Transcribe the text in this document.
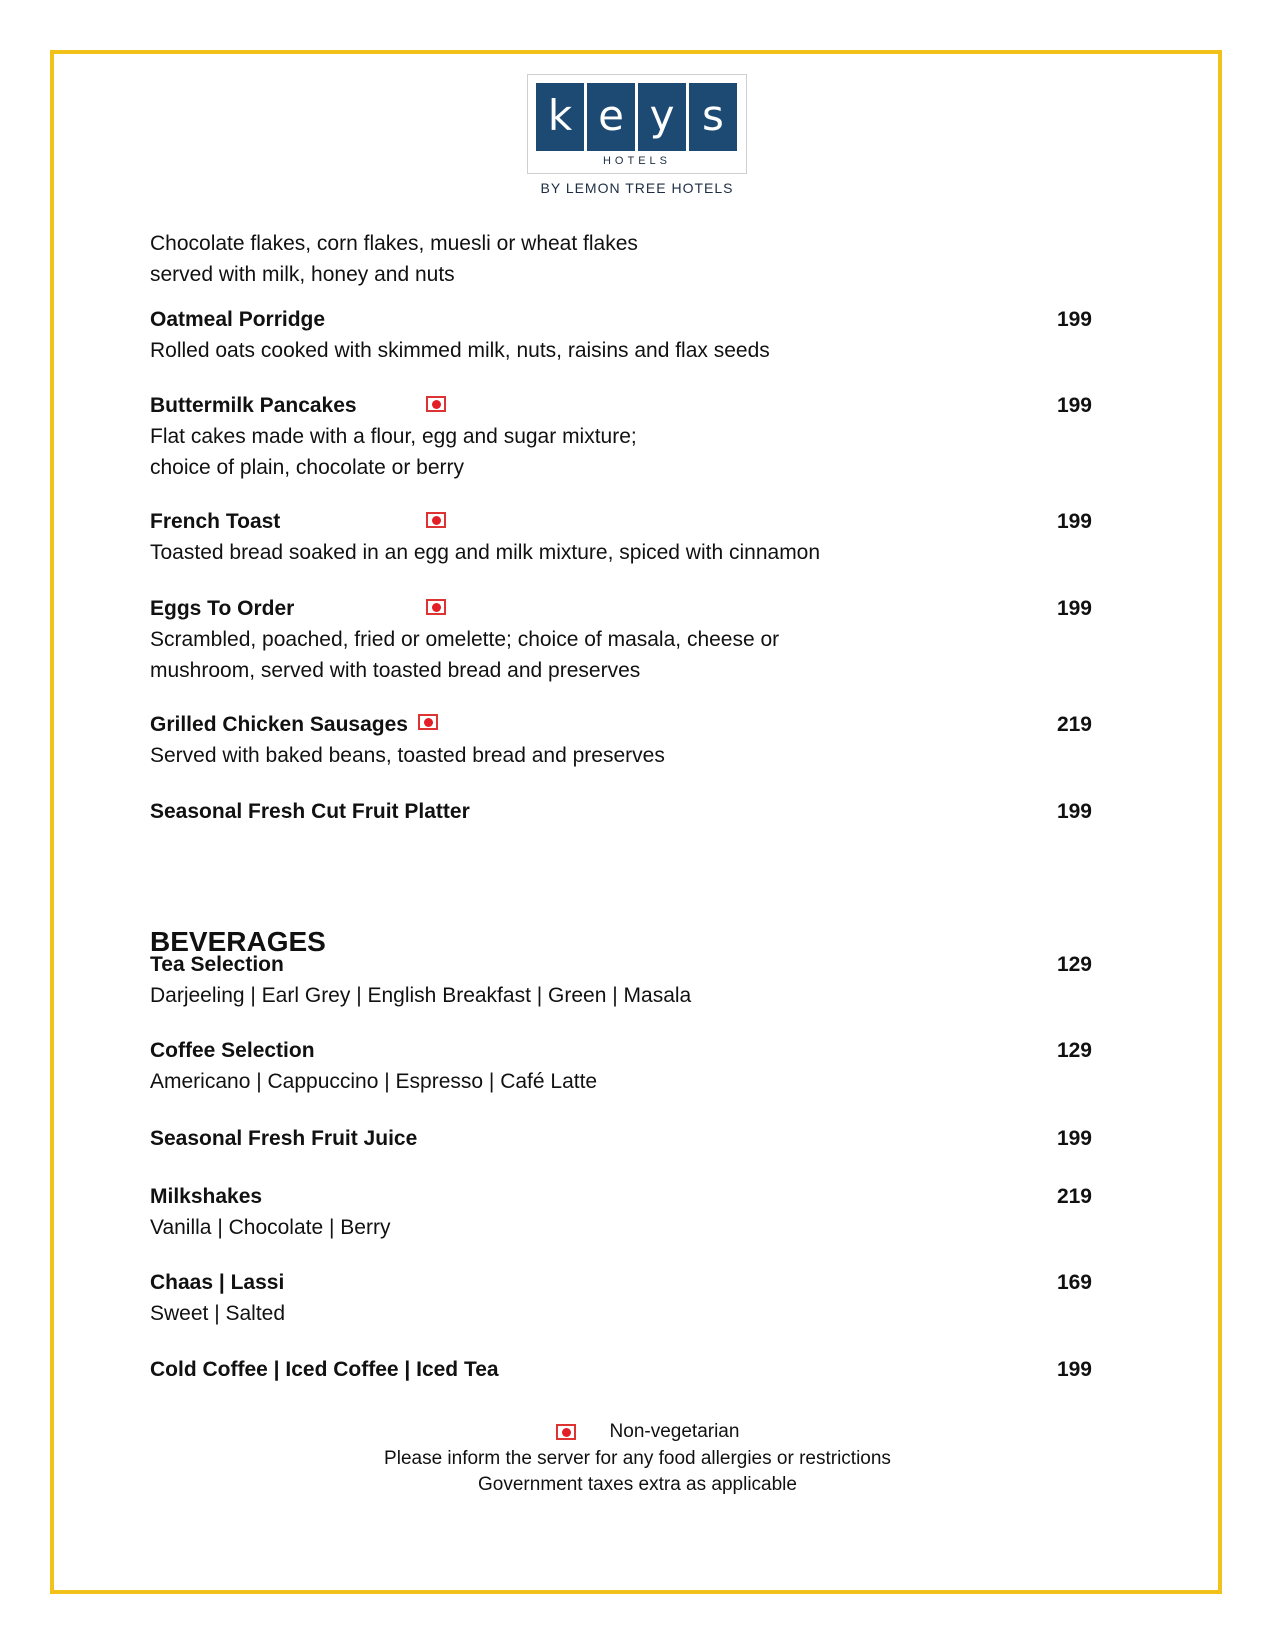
k e y s
HOTELS
BY LEMON TREE HOTELS
Chocolate flakes, corn flakes, muesli or wheat flakes
served with milk, honey and nuts
Oatmeal Porridge	199
Rolled oats cooked with skimmed milk, nuts, raisins and flax seeds
Buttermilk Pancakes	199
Flat cakes made with a flour, egg and sugar mixture;
choice of plain, chocolate or berry
French Toast	199
Toasted bread soaked in an egg and milk mixture, spiced with cinnamon
Eggs To Order	199
Scrambled, poached, fried or omelette; choice of masala, cheese or
mushroom, served with toasted bread and preserves
Grilled Chicken Sausages	219
Served with baked beans, toasted bread and preserves
Seasonal Fresh Cut Fruit Platter	199
BEVERAGES
Tea Selection	129
Darjeeling | Earl Grey | English Breakfast | Green | Masala
Coffee Selection	129
Americano | Cappuccino | Espresso | Café Latte
Seasonal Fresh Fruit Juice	199
Milkshakes	219
Vanilla | Chocolate | Berry
Chaas | Lassi	169
Sweet | Salted
Cold Coffee | Iced Coffee | Iced Tea	199
Non-vegetarian
Please inform the server for any food allergies or restrictions
Government taxes extra as applicable
